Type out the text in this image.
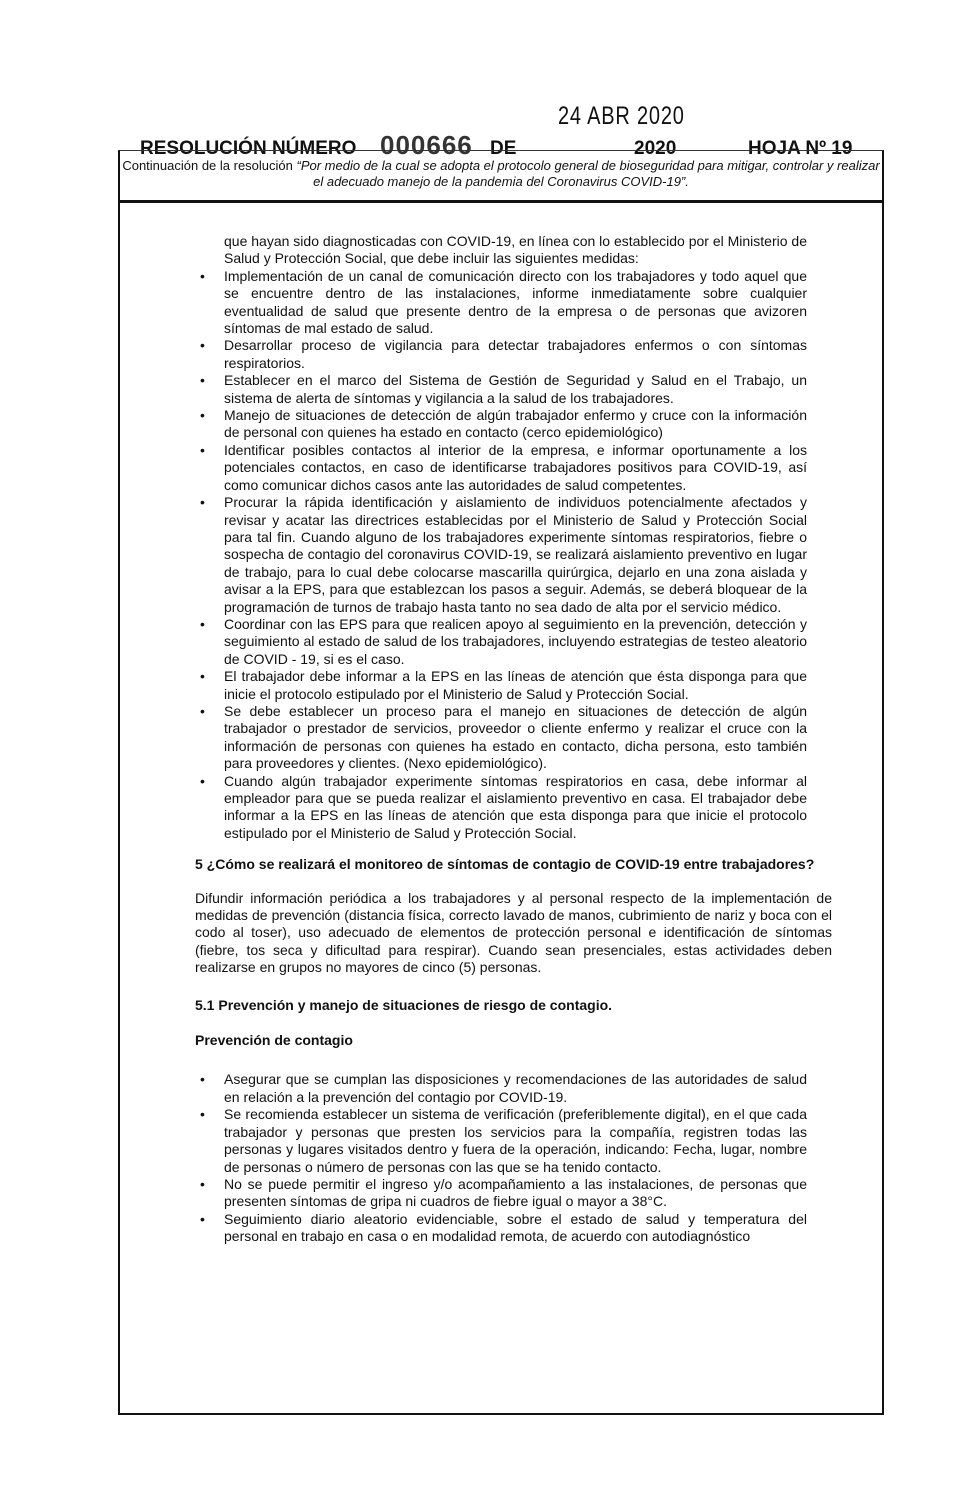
24 ABR 2020
RESOLUCIÓN NÚMERO 000666 DE	2020	HOJA Nº 19
Continuación de la resolución “Por medio de la cual se adopta el protocolo general de bioseguridad para mitigar, controlar y realizar el adecuado manejo de la pandemia del Coronavirus COVID-19”.
que hayan sido diagnosticadas con COVID-19, en línea con lo establecido por el Ministerio de Salud y Protección Social, que debe incluir las siguientes medidas:
• Implementación de un canal de comunicación directo con los trabajadores y todo aquel que se encuentre dentro de las instalaciones, informe inmediatamente sobre cualquier eventualidad de salud que presente dentro de la empresa o de personas que avizoren síntomas de mal estado de salud.
• Desarrollar proceso de vigilancia para detectar trabajadores enfermos o con síntomas respiratorios.
• Establecer en el marco del Sistema de Gestión de Seguridad y Salud en el Trabajo, un sistema de alerta de síntomas y vigilancia a la salud de los trabajadores.
• Manejo de situaciones de detección de algún trabajador enfermo y cruce con la información de personal con quienes ha estado en contacto (cerco epidemiológico)
• Identificar posibles contactos al interior de la empresa, e informar oportunamente a los potenciales contactos, en caso de identificarse trabajadores positivos para COVID-19, así como comunicar dichos casos ante las autoridades de salud competentes.
• Procurar la rápida identificación y aislamiento de individuos potencialmente afectados y revisar y acatar las directrices establecidas por el Ministerio de Salud y Protección Social para tal fin. Cuando alguno de los trabajadores experimente síntomas respiratorios, fiebre o sospecha de contagio del coronavirus COVID-19, se realizará aislamiento preventivo en lugar de trabajo, para lo cual debe colocarse mascarilla quirúrgica, dejarlo en una zona aislada y avisar a la EPS, para que establezcan los pasos a seguir. Además, se deberá bloquear de la programación de turnos de trabajo hasta tanto no sea dado de alta por el servicio médico.
• Coordinar con las EPS para que realicen apoyo al seguimiento en la prevención, detección y seguimiento al estado de salud de los trabajadores, incluyendo estrategias de testeo aleatorio de COVID - 19, si es el caso.
• El trabajador debe informar a la EPS en las líneas de atención que ésta disponga para que inicie el protocolo estipulado por el Ministerio de Salud y Protección Social.
• Se debe establecer un proceso para el manejo en situaciones de detección de algún trabajador o prestador de servicios, proveedor o cliente enfermo y realizar el cruce con la información de personas con quienes ha estado en contacto, dicha persona, esto también para proveedores y clientes. (Nexo epidemiológico).
• Cuando algún trabajador experimente síntomas respiratorios en casa, debe informar al empleador para que se pueda realizar el aislamiento preventivo en casa. El trabajador debe informar a la EPS en las líneas de atención que esta disponga para que inicie el protocolo estipulado por el Ministerio de Salud y Protección Social.
5 ¿Cómo se realizará el monitoreo de síntomas de contagio de COVID-19 entre trabajadores?
Difundir información periódica a los trabajadores y al personal respecto de la implementación de medidas de prevención (distancia física, correcto lavado de manos, cubrimiento de nariz y boca con el codo al toser), uso adecuado de elementos de protección personal e identificación de síntomas (fiebre, tos seca y dificultad para respirar). Cuando sean presenciales, estas actividades deben realizarse en grupos no mayores de cinco (5) personas.
5.1 Prevención y manejo de situaciones de riesgo de contagio.
Prevención de contagio
• Asegurar que se cumplan las disposiciones y recomendaciones de las autoridades de salud en relación a la prevención del contagio por COVID-19.
• Se recomienda establecer un sistema de verificación (preferiblemente digital), en el que cada trabajador y personas que presten los servicios para la compañía, registren todas las personas y lugares visitados dentro y fuera de la operación, indicando: Fecha, lugar, nombre de personas o número de personas con las que se ha tenido contacto.
• No se puede permitir el ingreso y/o acompañamiento a las instalaciones, de personas que presenten síntomas de gripa ni cuadros de fiebre igual o mayor a 38°C.
• Seguimiento diario aleatorio evidenciable, sobre el estado de salud y temperatura del personal en trabajo en casa o en modalidad remota, de acuerdo con autodiagnóstico
